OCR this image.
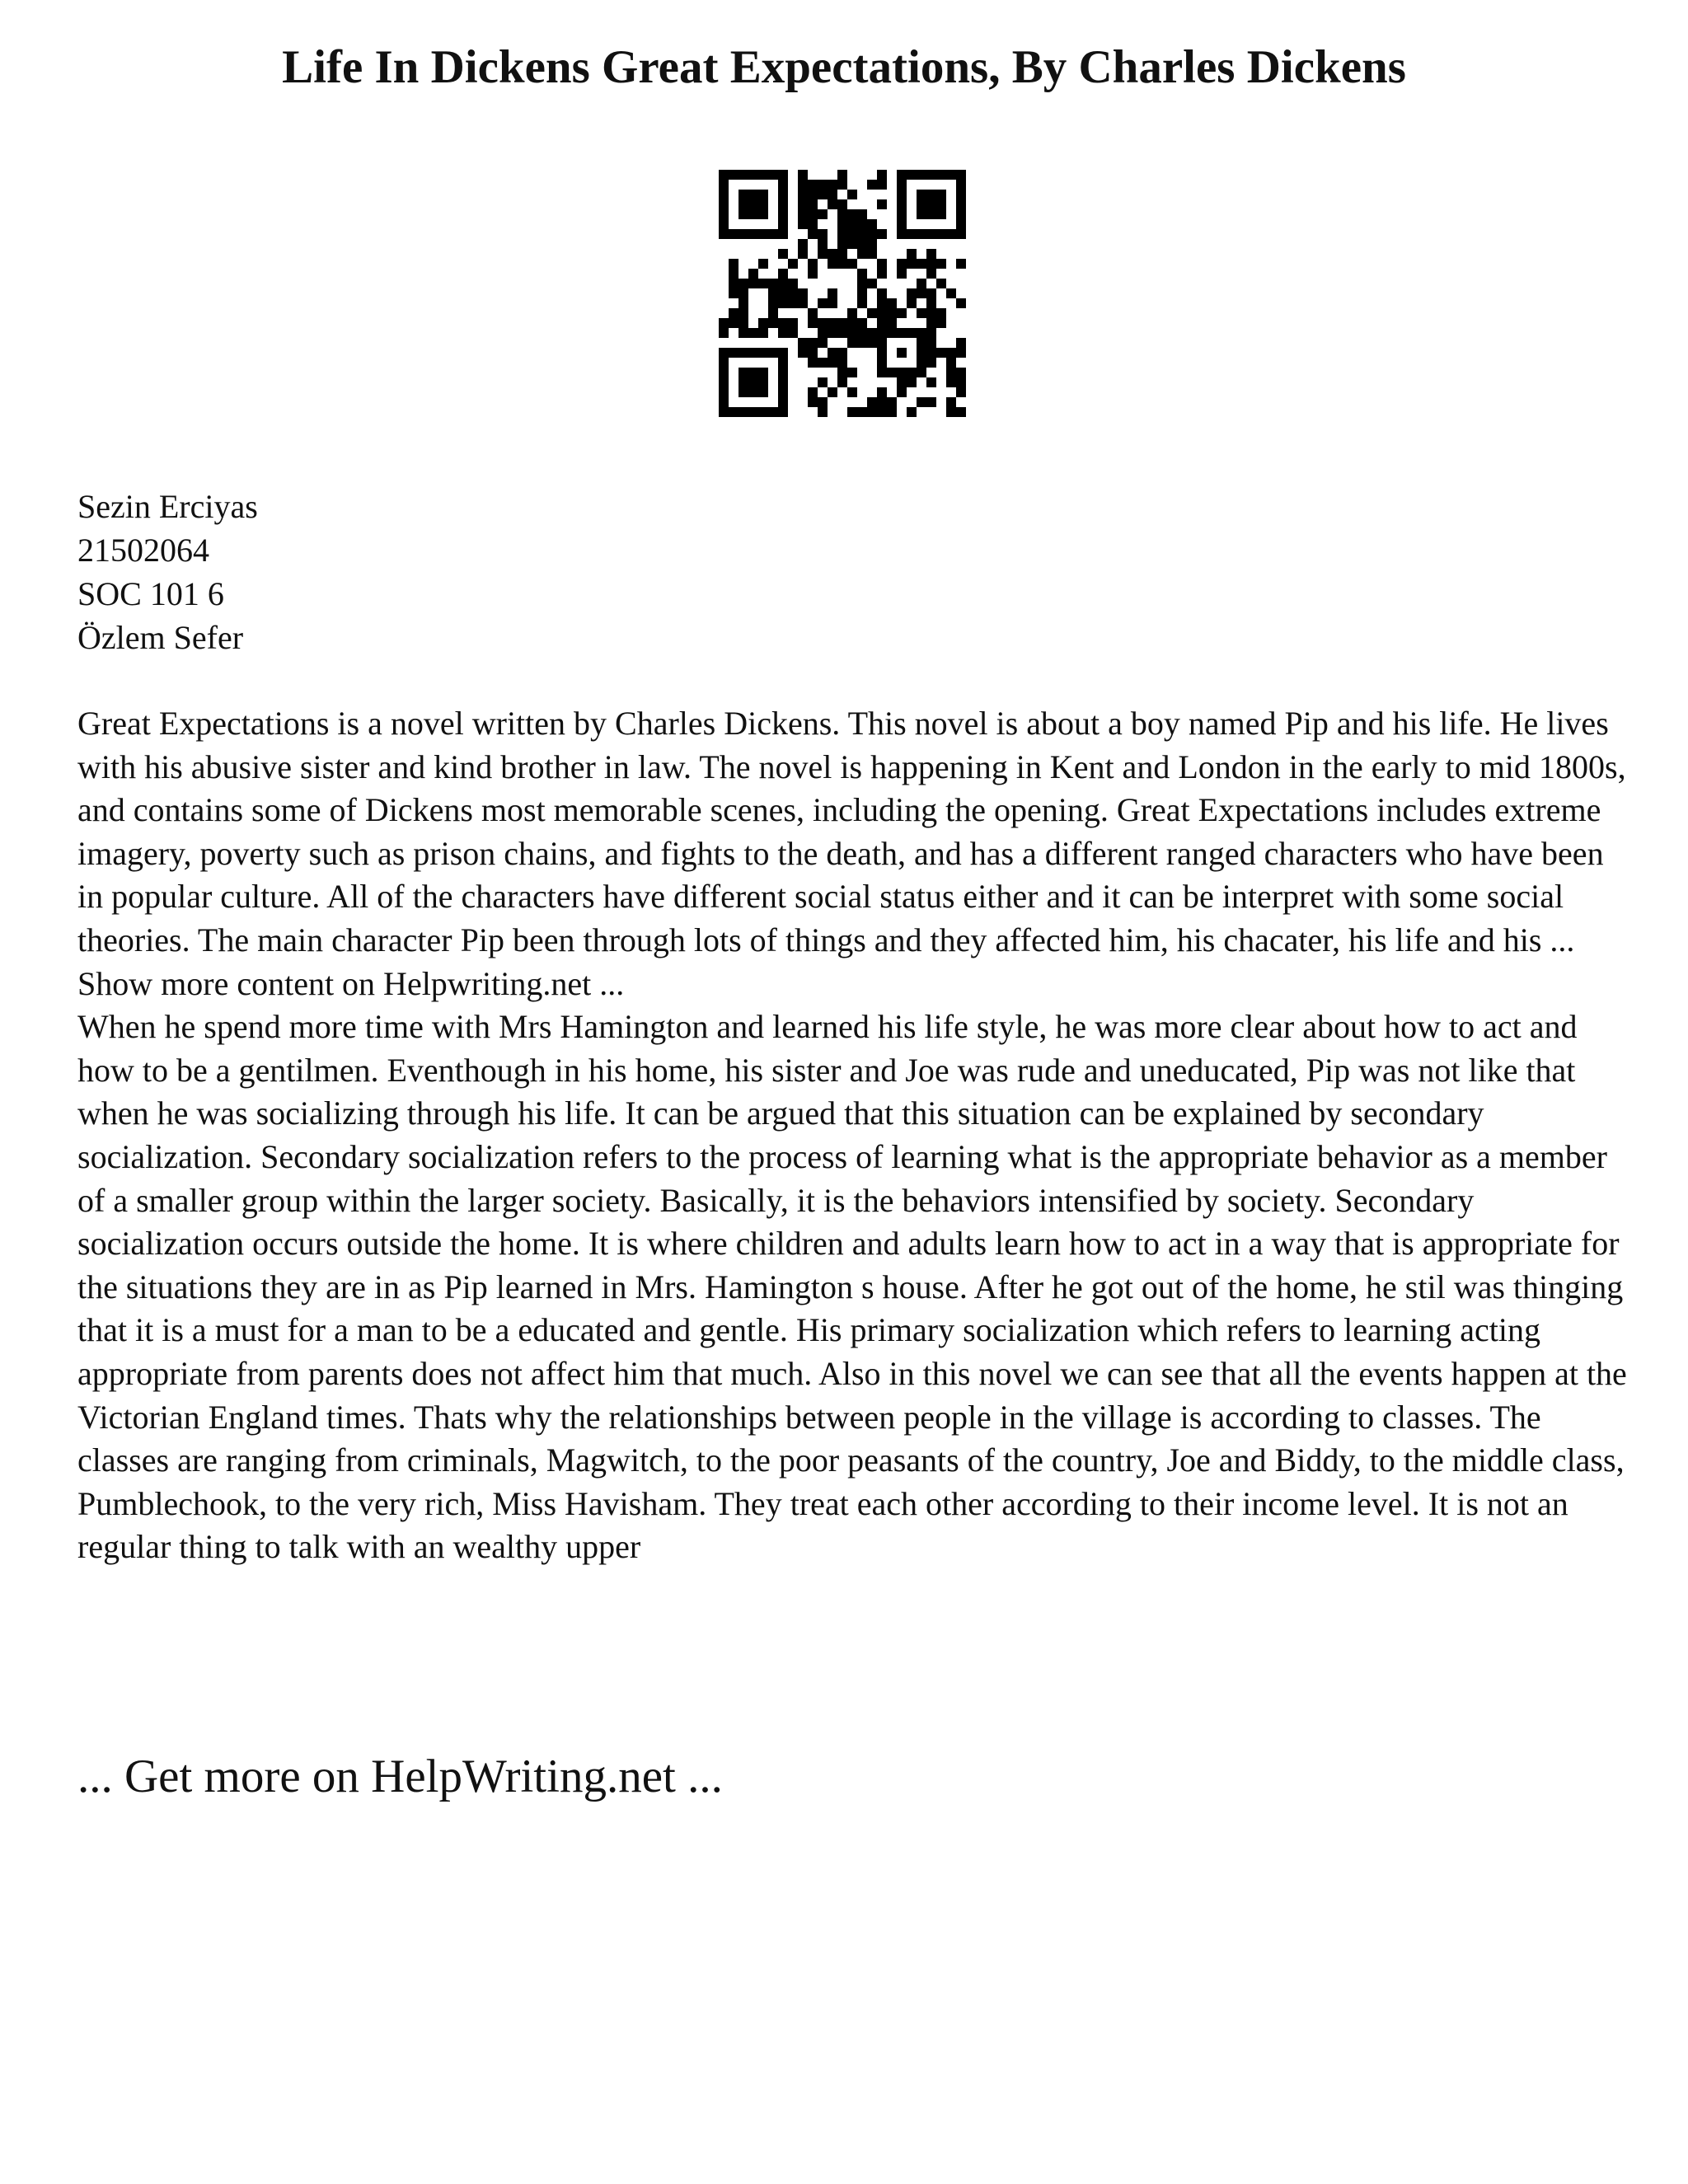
Life In Dickens Great Expectations, By Charles Dickens
Sezin Erciyas
21502064
SOC 101 6
Özlem Sefer

Great Expectations is a novel written by Charles Dickens. This novel is about a boy named Pip and his life. He lives with his abusive sister and kind brother in law. The novel is happening in Kent and London in the early to mid 1800s, and contains some of Dickens most memorable scenes, including the opening. Great Expectations includes extreme imagery, poverty such as prison chains, and fights to the death, and has a different ranged characters who have been in popular culture. All of the characters have different social status either and it can be interpret with some social theories. The main character Pip been through lots of things and they affected him, his chacater, his life and his ... Show more content on Helpwriting.net ...

When he spend more time with Mrs Hamington and learned his life style, he was more clear about how to act and how to be a gentilmen. Eventhough in his home, his sister and Joe was rude and uneducated, Pip was not like that when he was socializing through his life. It can be argued that this situation can be explained by secondary socialization. Secondary socialization refers to the process of learning what is the appropriate behavior as a member of a smaller group within the larger society. Basically, it is the behaviors intensified by society. Secondary socialization occurs outside the home. It is where children and adults learn how to act in a way that is appropriate for the situations they are in as Pip learned in Mrs. Hamington s house. After he got out of the home, he stil was thinging that it is a must for a man to be a educated and gentle. His primary socialization which refers to learning acting appropriate from parents does not affect him that much. Also in this novel we can see that all the events happen at the Victorian England times. Thats why the relationships between people in the village is according to classes. The classes are ranging from criminals, Magwitch, to the poor peasants of the country, Joe and Biddy, to the middle class, Pumblechook, to the very rich, Miss Havisham. They treat each other according to their income level. It is not an regular thing to talk with an wealthy upper

... Get more on HelpWriting.net ...
